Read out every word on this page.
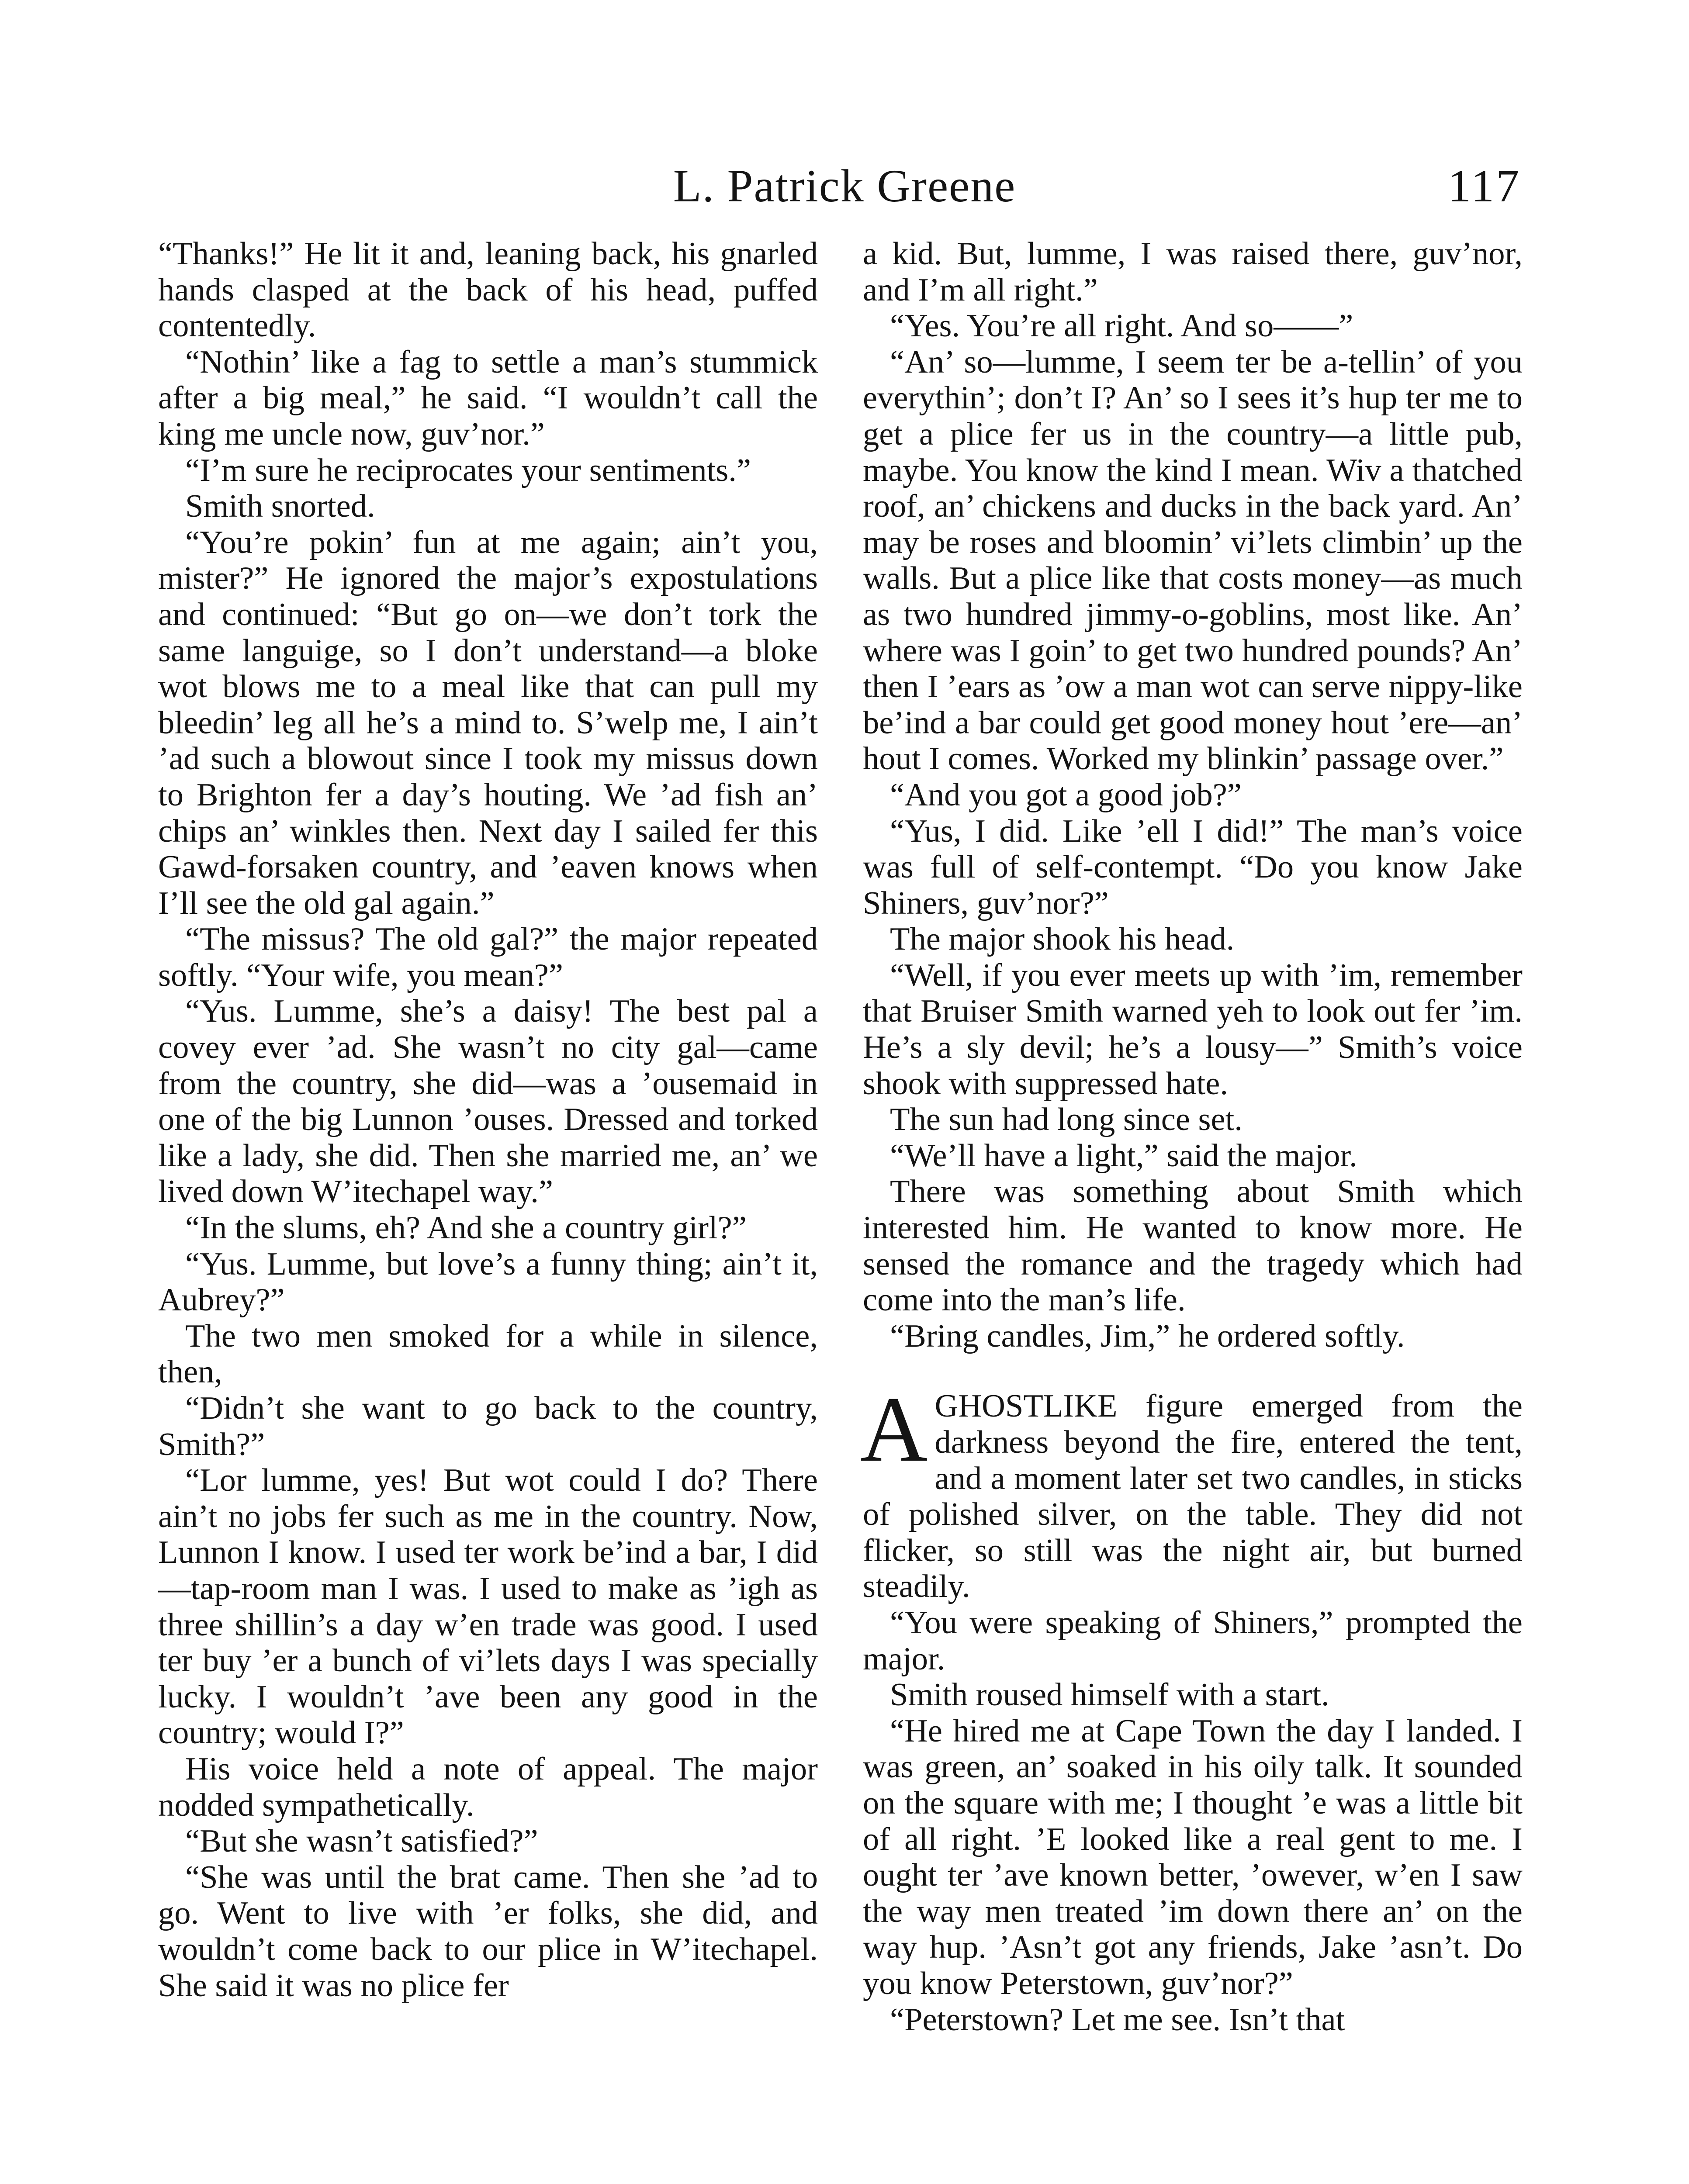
L. Patrick Greene	117

“Thanks!” He lit it and, leaning back, his gnarled hands clasped at the back of his head, puffed contentedly.

“Nothin’ like a fag to settle a man’s stummick after a big meal,” he said. “I wouldn’t call the king me uncle now, guv’nor.”

“I’m sure he reciprocates your sentiments.”

Smith snorted.

“You’re pokin’ fun at me again; ain’t you, mister?” He ignored the major’s expostulations and continued: “But go on—we don’t tork the same languige, so I don’t understand—a bloke wot blows me to a meal like that can pull my bleedin’ leg all he’s a mind to. S’welp me, I ain’t ’ad such a blowout since I took my missus down to Brighton fer a day’s houting. We ’ad fish an’ chips an’ winkles then. Next day I sailed fer this Gawd-forsaken country, and ’eaven knows when I’ll see the old gal again.”

“The missus? The old gal?” the major repeated softly. “Your wife, you mean?”

“Yus. Lumme, she’s a daisy! The best pal a covey ever ’ad. She wasn’t no city gal—came from the country, she did—was a ’ousemaid in one of the big Lunnon ’ouses. Dressed and torked like a lady, she did. Then she married me, an’ we lived down W’itechapel way.”

“In the slums, eh? And she a country girl?”

“Yus. Lumme, but love’s a funny thing; ain’t it, Aubrey?”

The two men smoked for a while in silence, then,

“Didn’t she want to go back to the country, Smith?”

“Lor lumme, yes! But wot could I do? There ain’t no jobs fer such as me in the country. Now, Lunnon I know. I used ter work be’ind a bar, I did—tap-room man I was. I used to make as ’igh as three shillin’s a day w’en trade was good. I used ter buy ’er a bunch of vi’lets days I was specially lucky. I wouldn’t ’ave been any good in the country; would I?”

His voice held a note of appeal. The major nodded sympathetically.

“But she wasn’t satisfied?”

“She was until the brat came. Then she ’ad to go. Went to live with ’er folks, she did, and wouldn’t come back to our plice in W’itechapel. She said it was no plice fer

a kid. But, lumme, I was raised there, guv’nor, and I’m all right.”

“Yes. You’re all right. And so——”

“An’ so—lumme, I seem ter be a-tellin’ of you everythin’; don’t I? An’ so I sees it’s hup ter me to get a plice fer us in the country—a little pub, maybe. You know the kind I mean. Wiv a thatched roof, an’ chickens and ducks in the back yard. An’ may be roses and bloomin’ vi’lets climbin’ up the walls. But a plice like that costs money—as much as two hundred jimmy-o-goblins, most like. An’ where was I goin’ to get two hundred pounds? An’ then I ’ears as ’ow a man wot can serve nippy-like be’ind a bar could get good money hout ’ere—an’ hout I comes. Worked my blinkin’ passage over.”

“And you got a good job?”

“Yus, I did. Like ’ell I did!” The man’s voice was full of self-contempt. “Do you know Jake Shiners, guv’nor?”

The major shook his head.

“Well, if you ever meets up with ’im, remember that Bruiser Smith warned yeh to look out fer ’im. He’s a sly devil; he’s a lousy—” Smith’s voice shook with suppressed hate.

The sun had long since set.

“We’ll have a light,” said the major.

There was something about Smith which interested him. He wanted to know more. He sensed the romance and the tragedy which had come into the man’s life.

“Bring candles, Jim,” he ordered softly.

A GHOSTLIKE figure emerged from the darkness beyond the fire, entered the tent, and a moment later set two candles, in sticks of polished silver, on the table. They did not flicker, so still was the night air, but burned steadily.

“You were speaking of Shiners,” prompted the major.

Smith roused himself with a start.

“He hired me at Cape Town the day I landed. I was green, an’ soaked in his oily talk. It sounded on the square with me; I thought ’e was a little bit of all right. ’E looked like a real gent to me. I ought ter ’ave known better, ’owever, w’en I saw the way men treated ’im down there an’ on the way hup. ’Asn’t got any friends, Jake ’asn’t. Do you know Peterstown, guv’nor?”

“Peterstown? Let me see. Isn’t that
